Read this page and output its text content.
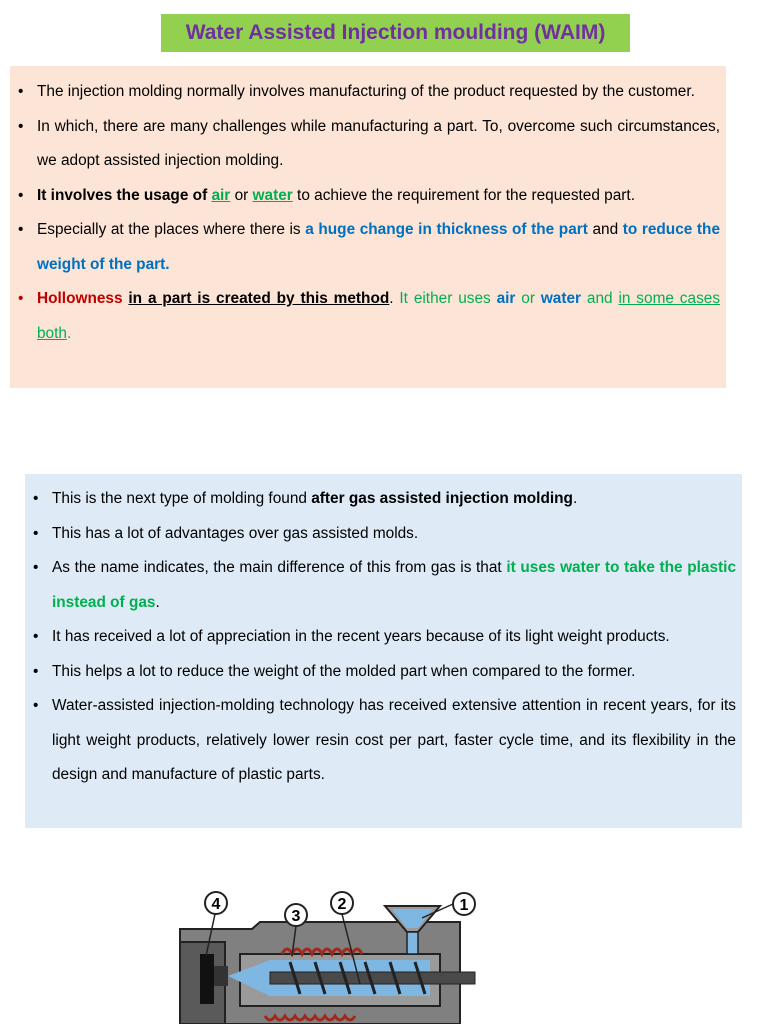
Water Assisted Injection moulding (WAIM)
• The injection molding normally involves manufacturing of the product requested by the customer.
• In which, there are many challenges while manufacturing a part. To, overcome such circumstances, we adopt assisted injection molding.
• It involves the usage of air or water to achieve the requirement for the requested part.
• Especially at the places where there is a huge change in thickness of the part and to reduce the weight of the part.
• Hollowness in a part is created by this method. It either uses air or water and in some cases both.
• This is the next type of molding found after gas assisted injection molding.
• This has a lot of advantages over gas assisted molds.
• As the name indicates, the main difference of this from gas is that it uses water to take the plastic instead of gas.
• It has received a lot of appreciation in the recent years because of its light weight products.
• This helps a lot to reduce the weight of the molded part when compared to the former.
• Water-assisted injection-molding technology has received extensive attention in recent years, for its light weight products, relatively lower resin cost per part, faster cycle time, and its flexibility in the design and manufacture of plastic parts.
1
2
3
4
